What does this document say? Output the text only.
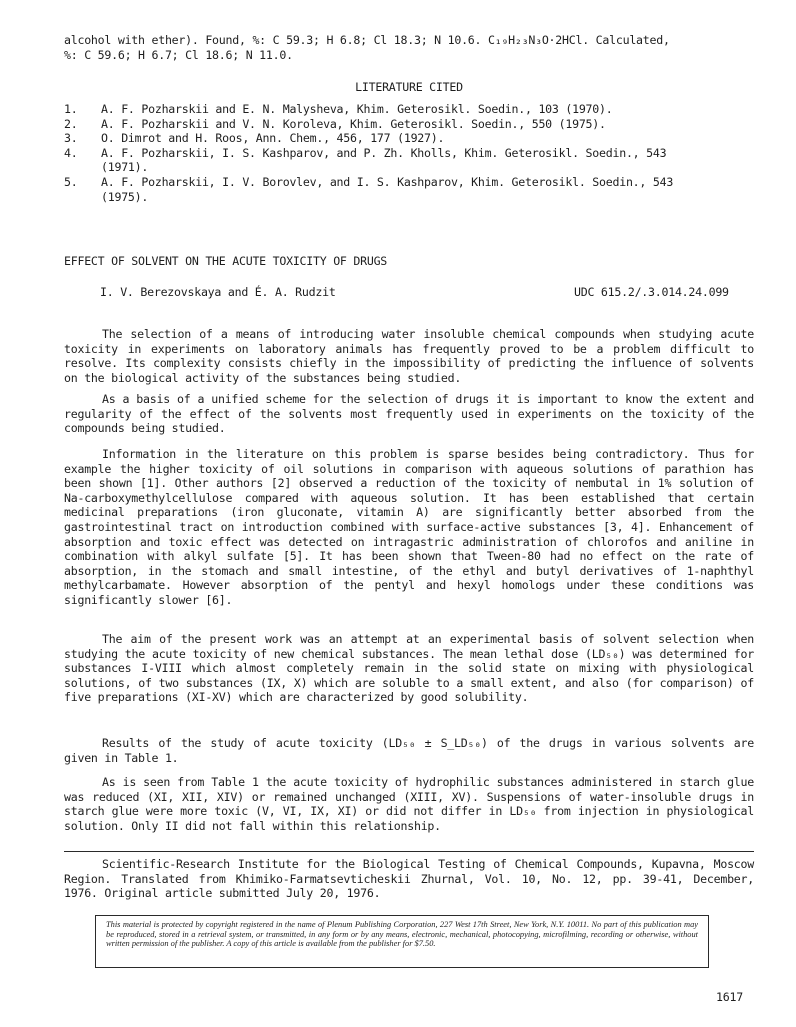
alcohol with ether). Found, %: C 59.3; H 6.8; Cl 18.3; N 10.6. C₁₉H₂₃N₃O·2HCl. Calculated,
%: C 59.6; H 6.7; Cl 18.6; N 11.0.
LITERATURE CITED
1. A. F. Pozharskii and E. N. Malysheva, Khim. Geterosikl. Soedin., 103 (1970).
2. A. F. Pozharskii and V. N. Koroleva, Khim. Geterosikl. Soedin., 550 (1975).
3. O. Dimrot and H. Roos, Ann. Chem., 456, 177 (1927).
4. A. F. Pozharskii, I. S. Kashparov, and P. Zh. Kholls, Khim. Geterosikl. Soedin., 543
(1971).
5. A. F. Pozharskii, I. V. Borovlev, and I. S. Kashparov, Khim. Geterosikl. Soedin., 543
(1975).
EFFECT OF SOLVENT ON THE ACUTE TOXICITY OF DRUGS
I. V. Berezovskaya and É. A. Rudzit	UDC 615.2/.3.014.24.099

The selection of a means of introducing water insoluble chemical compounds when studying acute toxicity in experiments on laboratory animals has frequently proved to be a problem difficult to resolve. Its complexity consists chiefly in the impossibility of predicting the influence of solvents on the biological activity of the substances being studied.

As a basis of a unified scheme for the selection of drugs it is important to know the extent and regularity of the effect of the solvents most frequently used in experiments on the toxicity of the compounds being studied.

Information in the literature on this problem is sparse besides being contradictory. Thus for example the higher toxicity of oil solutions in comparison with aqueous solutions of parathion has been shown [1]. Other authors [2] observed a reduction of the toxicity of nembutal in 1% solution of Na-carboxymethylcellulose compared with aqueous solution. It has been established that certain medicinal preparations (iron gluconate, vitamin A) are significantly better absorbed from the gastrointestinal tract on introduction combined with surface-active substances [3, 4]. Enhancement of absorption and toxic effect was detected on intragastric administration of chlorofos and aniline in combination with alkyl sulfate [5]. It has been shown that Tween-80 had no effect on the rate of absorption, in the stomach and small intestine, of the ethyl and butyl derivatives of 1-naphthyl methylcarbamate. However absorption of the pentyl and hexyl homologs under these conditions was significantly slower [6].

The aim of the present work was an attempt at an experimental basis of solvent selection when studying the acute toxicity of new chemical substances. The mean lethal dose (LD₅₀) was determined for substances I-VIII which almost completely remain in the solid state on mixing with physiological solutions, of two substances (IX, X) which are soluble to a small extent, and also (for comparison) of five preparations (XI-XV) which are characterized by good solubility.

Results of the study of acute toxicity (LD₅₀ ± S_LD₅₀) of the drugs in various solvents are given in Table 1.

As is seen from Table 1 the acute toxicity of hydrophilic substances administered in starch glue was reduced (XI, XII, XIV) or remained unchanged (XIII, XV). Suspensions of water-insoluble drugs in starch glue were more toxic (V, VI, IX, XI) or did not differ in LD₅₀ from injection in physiological solution. Only II did not fall within this relationship.

Scientific-Research Institute for the Biological Testing of Chemical Compounds, Kupavna, Moscow Region. Translated from Khimiko-Farmatsevticheskii Zhurnal, Vol. 10, No. 12, pp. 39-41, December, 1976. Original article submitted July 20, 1976.

This material is protected by copyright registered in the name of Plenum Publishing Corporation, 227 West 17th Street, New York, N.Y. 10011. No part of this publication may be reproduced, stored in a retrieval system, or transmitted, in any form or by any means, electronic, mechanical, photocopying, microfilming, recording or otherwise, without written permission of the publisher. A copy of this article is available from the publisher for $7.50.
1617
